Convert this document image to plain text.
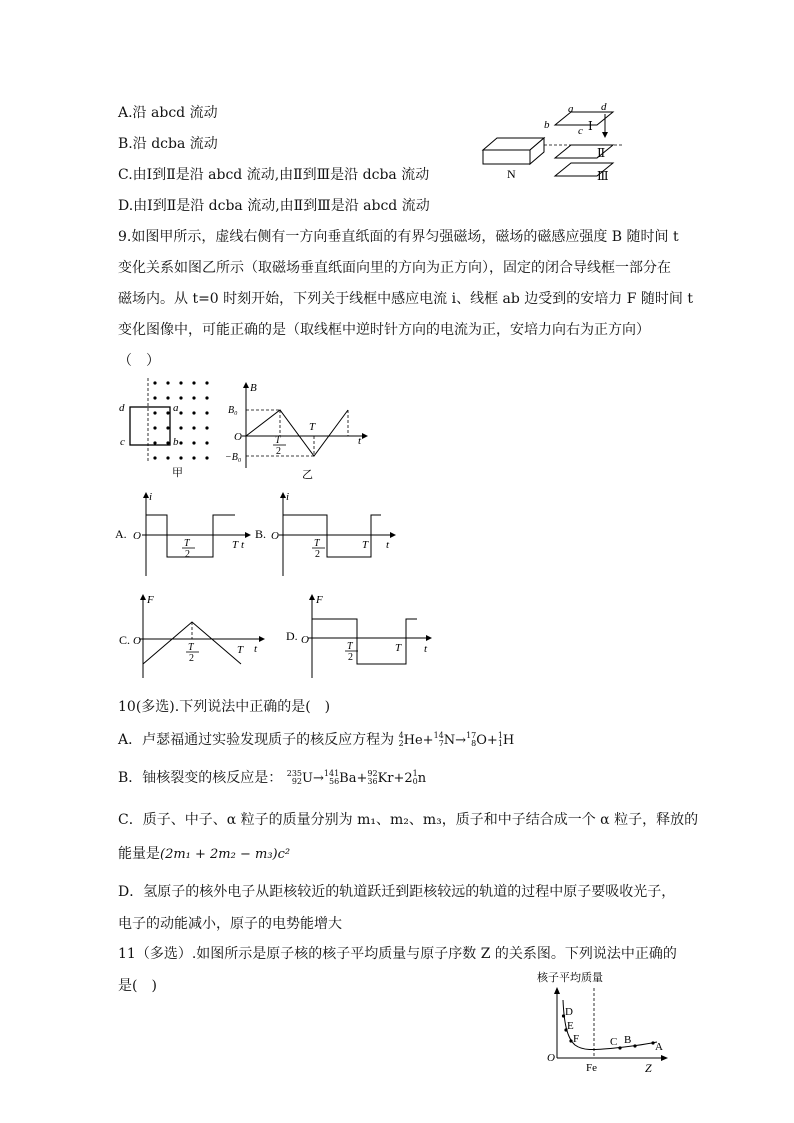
A.沿 abcd 流动
B.沿 dcba 流动
C.由Ⅰ到Ⅱ是沿 abcd 流动,由Ⅱ到Ⅲ是沿 dcba 流动
D.由Ⅰ到Ⅱ是沿 dcba 流动,由Ⅱ到Ⅲ是沿 abcd 流动
N
a	d
b	c Ⅰ
Ⅱ
Ⅲ
9.如图甲所示，虚线右侧有一方向垂直纸面的有界匀强磁场，磁场的磁感应强度 B 随时间 t
变化关系如图乙所示（取磁场垂直纸面向里的方向为正方向），固定的闭合导线框一部分在
磁场内。从 t=0 时刻开始，下列关于线框中感应电流 i、线框 ab 边受到的安培力 F 随时间 t
变化图像中，可能正确的是（取线框中逆时针方向的电流为正，安培力向右为正方向）
（　）
d	a
c	b
甲
B
B₀
O
−B₀
T
t
T
2
乙
A.
i
O
T
2
T t
B.
i
O
T
2
T t
C.
F
O
T
2
T t
D.
F
O
T
2
T t
10(多选).下列说法中正确的是(　)
A．卢瑟福通过实验发现质子的核反应方程为 4
2He+14
7N→17
8O+1
1H
B．铀核裂变的核反应是： 235
92U→141
56Ba+92
36Kr+21
0n
C．质子、中子、α 粒子的质量分别为 m₁、m₂、m₃，质子和中子结合成一个 α 粒子，释放的
能量是(2m₁ + 2m₂ − m₃)c²
D．氢原子的核外电子从距核较近的轨道跃迁到距核较远的轨道的过程中原子要吸收光子，
电子的动能减小，原子的电势能增大
11（多选）.如图所示是原子核的核子平均质量与原子序数 Z 的关系图。下列说法中正确的
是(　)	核子平均质量
D
E
F	C B
A
O
Fe	Z
